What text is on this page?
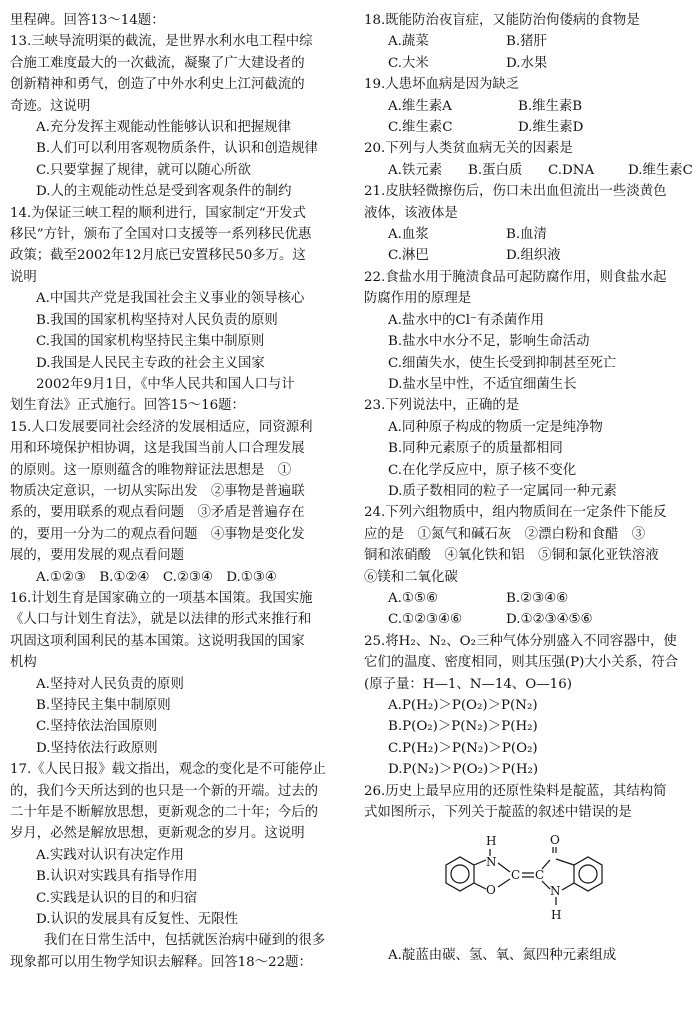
里程碑。回答13～14题：
13.三峡导流明渠的截流，是世界水利水电工程中综
合施工难度最大的一次截流，凝聚了广大建设者的
创新精神和勇气，创造了中外水利史上江河截流的
奇迹。这说明
A.充分发挥主观能动性能够认识和把握规律
B.人们可以利用客观物质条件，认识和创造规律
C.只要掌握了规律，就可以随心所欲
D.人的主观能动性总是受到客观条件的制约
14.为保证三峡工程的顺利进行，国家制定“开发式
移民”方针，颁布了全国对口支援等一系列移民优惠
政策；截至2002年12月底已安置移民50多万。这
说明
A.中国共产党是我国社会主义事业的领导核心
B.我国的国家机构坚持对人民负责的原则
C.我国的国家机构坚持民主集中制原则
D.我国是人民民主专政的社会主义国家
2002年9月1日，《中华人民共和国人口与计
划生育法》正式施行。回答15～16题：
15.人口发展要同社会经济的发展相适应，同资源利
用和环境保护相协调，这是我国当前人口合理发展
的原则。这一原则蕴含的唯物辩证法思想是　①
物质决定意识，一切从实际出发　②事物是普遍联
系的，要用联系的观点看问题　③矛盾是普遍存在
的，要用一分为二的观点看问题　④事物是变化发
展的，要用发展的观点看问题
A.①②③　B.①②④　C.②③④　D.①③④
16.计划生育是国家确立的一项基本国策。我国实施
《人口与计划生育法》，就是以法律的形式来推行和
巩固这项利国利民的基本国策。这说明我国的国家
机构
A.坚持对人民负责的原则
B.坚持民主集中制原则
C.坚持依法治国原则
D.坚持依法行政原则
17.《人民日报》载文指出，观念的变化是不可能停止
的，我们今天所达到的也只是一个新的开端。过去的
二十年是不断解放思想，更新观念的二十年；今后的
岁月，必然是解放思想，更新观念的岁月。这说明
A.实践对认识有决定作用
B.认识对实践具有指导作用
C.实践是认识的目的和归宿
D.认识的发展具有反复性、无限性
我们在日常生活中，包括就医治病中碰到的很多
现象都可以用生物学知识去解释。回答18～22题：
18.既能防治夜盲症，又能防治佝偻病的食物是
A.蔬菜	B.猪肝
C.大米	D.水果
19.人患坏血病是因为缺乏
A.维生素A	B.维生素B
C.维生素C	D.维生素D
20.下列与人类贫血病无关的因素是
A.铁元素	B.蛋白质	C.DNA	D.维生素C
21.皮肤轻微擦伤后，伤口未出血但流出一些淡黄色
液体，该液体是
A.血浆	B.血清
C.淋巴	D.组织液
22.食盐水用于腌渍食品可起防腐作用，则食盐水起
防腐作用的原理是
A.盐水中的Cl⁻有杀菌作用
B.盐水中水分不足，影响生命活动
C.细菌失水，使生长受到抑制甚至死亡
D.盐水呈中性，不适宜细菌生长
23.下列说法中，正确的是
A.同种原子构成的物质一定是纯净物
B.同种元素原子的质量都相同
C.在化学反应中，原子核不变化
D.质子数相同的粒子一定属同一种元素
24.下列六组物质中，组内物质间在一定条件下能反
应的是　①氮气和碱石灰　②漂白粉和食醋　③
铜和浓硝酸　④氧化铁和铝　⑤铜和氯化亚铁溶液
⑥镁和二氧化碳
A.①⑤⑥	B.②③④⑥
C.①②③④⑥	D.①②③④⑤⑥
25.将H₂、N₂、O₂三种气体分别盛入不同容器中，使
它们的温度、密度相同，则其压强(P)大小关系，符合
(原子量：H—1、N—14、O—16)
A.P(H₂)＞P(O₂)＞P(N₂)
B.P(O₂)＞P(N₂)＞P(H₂)
C.P(H₂)＞P(N₂)＞P(O₂)
D.P(N₂)＞P(O₂)＞P(H₂)
26.历史上最早应用的还原性染料是靛蓝，其结构简
式如图所示，下列关于靛蓝的叙述中错误的是
H
N
O
C C
O
N
H
A.靛蓝由碳、氢、氧、氮四种元素组成
